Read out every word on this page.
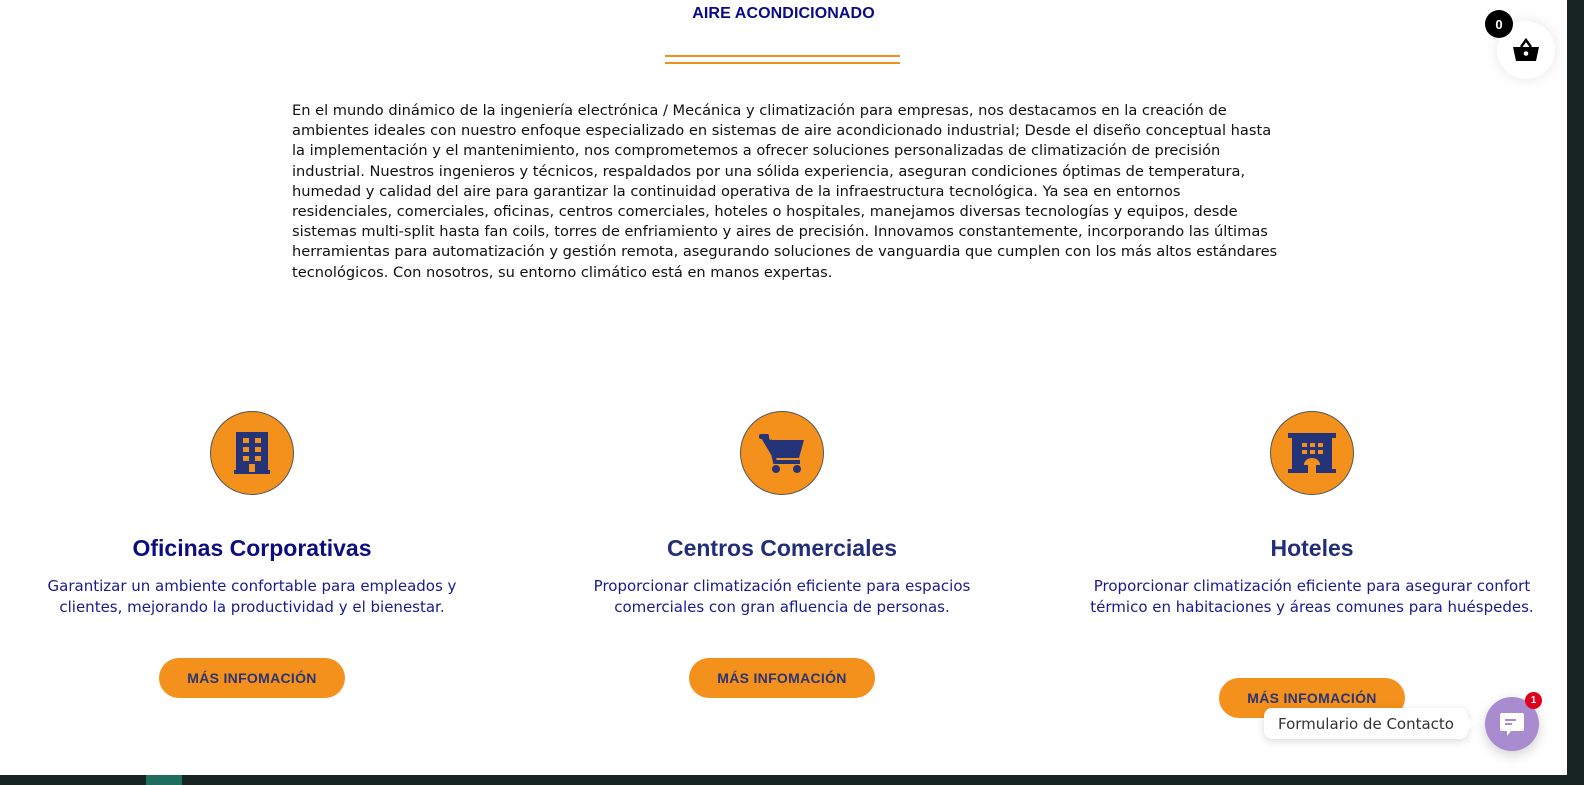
AIRE ACONDICIONADO

En el mundo dinámico de la ingeniería electrónica / Mecánica y climatización para empresas, nos destacamos en la creación de ambientes ideales con nuestro enfoque especializado en sistemas de aire acondicionado industrial; Desde el diseño conceptual hasta la implementación y el mantenimiento, nos comprometemos a ofrecer soluciones personalizadas de climatización de precisión industrial. Nuestros ingenieros y técnicos, respaldados por una sólida experiencia, aseguran condiciones óptimas de temperatura, humedad y calidad del aire para garantizar la continuidad operativa de la infraestructura tecnológica. Ya sea en entornos residenciales, comerciales, oficinas, centros comerciales, hoteles o hospitales, manejamos diversas tecnologías y equipos, desde sistemas multi-split hasta fan coils, torres de enfriamiento y aires de precisión. Innovamos constantemente, incorporando las últimas herramientas para automatización y gestión remota, asegurando soluciones de vanguardia que cumplen con los más altos estándares tecnológicos. Con nosotros, su entorno climático está en manos expertas.

Oficinas Corporativas
Garantizar un ambiente confortable para empleados y clientes, mejorando la productividad y el bienestar.
MÁS INFOMACIÓN
Centros Comerciales
Proporcionar climatización eficiente para espacios comerciales con gran afluencia de personas.
MÁS INFOMACIÓN
Hoteles
Proporcionar climatización eficiente para asegurar confort térmico en habitaciones y áreas comunes para huéspedes.
MÁS INFOMACIÓN
0
Formulario de Contacto
1
